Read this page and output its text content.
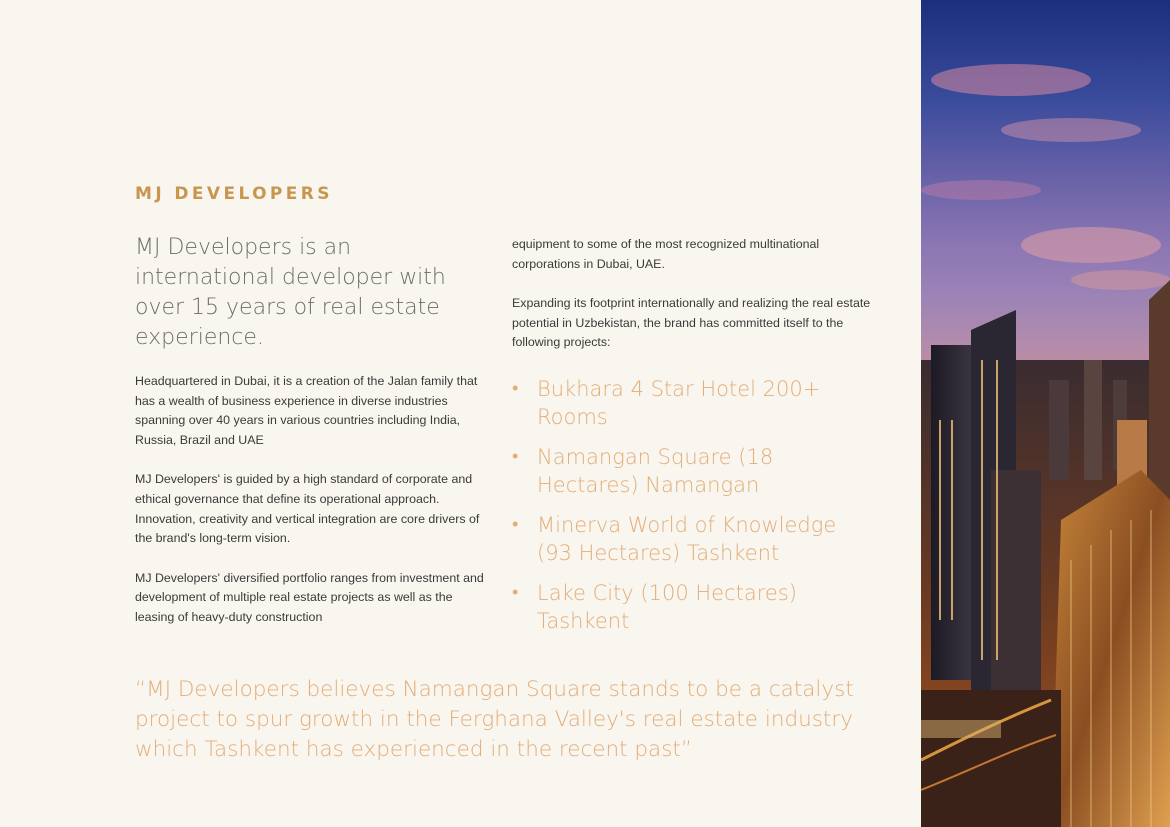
MJ DEVELOPERS

MJ Developers is an international developer with over 15 years of real estate experience.

Headquartered in Dubai, it is a creation of the Jalan family that has a wealth of business experience in diverse industries spanning over 40 years in various countries including India, Russia, Brazil and UAE

MJ Developers' is guided by a high standard of corporate and ethical governance that define its operational approach. Innovation, creativity and vertical integration are core drivers of the brand's long-term vision.

MJ Developers' diversified portfolio ranges from investment and development of multiple real estate projects as well as the leasing of heavy-duty construction

equipment to some of the most recognized multinational corporations in Dubai, UAE.

Expanding its footprint internationally and realizing the real estate potential in Uzbekistan, the brand has committed itself to the following projects:

• Bukhara 4 Star Hotel 200+ Rooms
• Namangan Square (18 Hectares) Namangan
• Minerva World of Knowledge (93 Hectares) Tashkent
• Lake City (100 Hectares) Tashkent

“MJ Developers believes Namangan Square stands to be a catalyst project to spur growth in the Ferghana Valley's real estate industry which Tashkent has experienced in the recent past”
